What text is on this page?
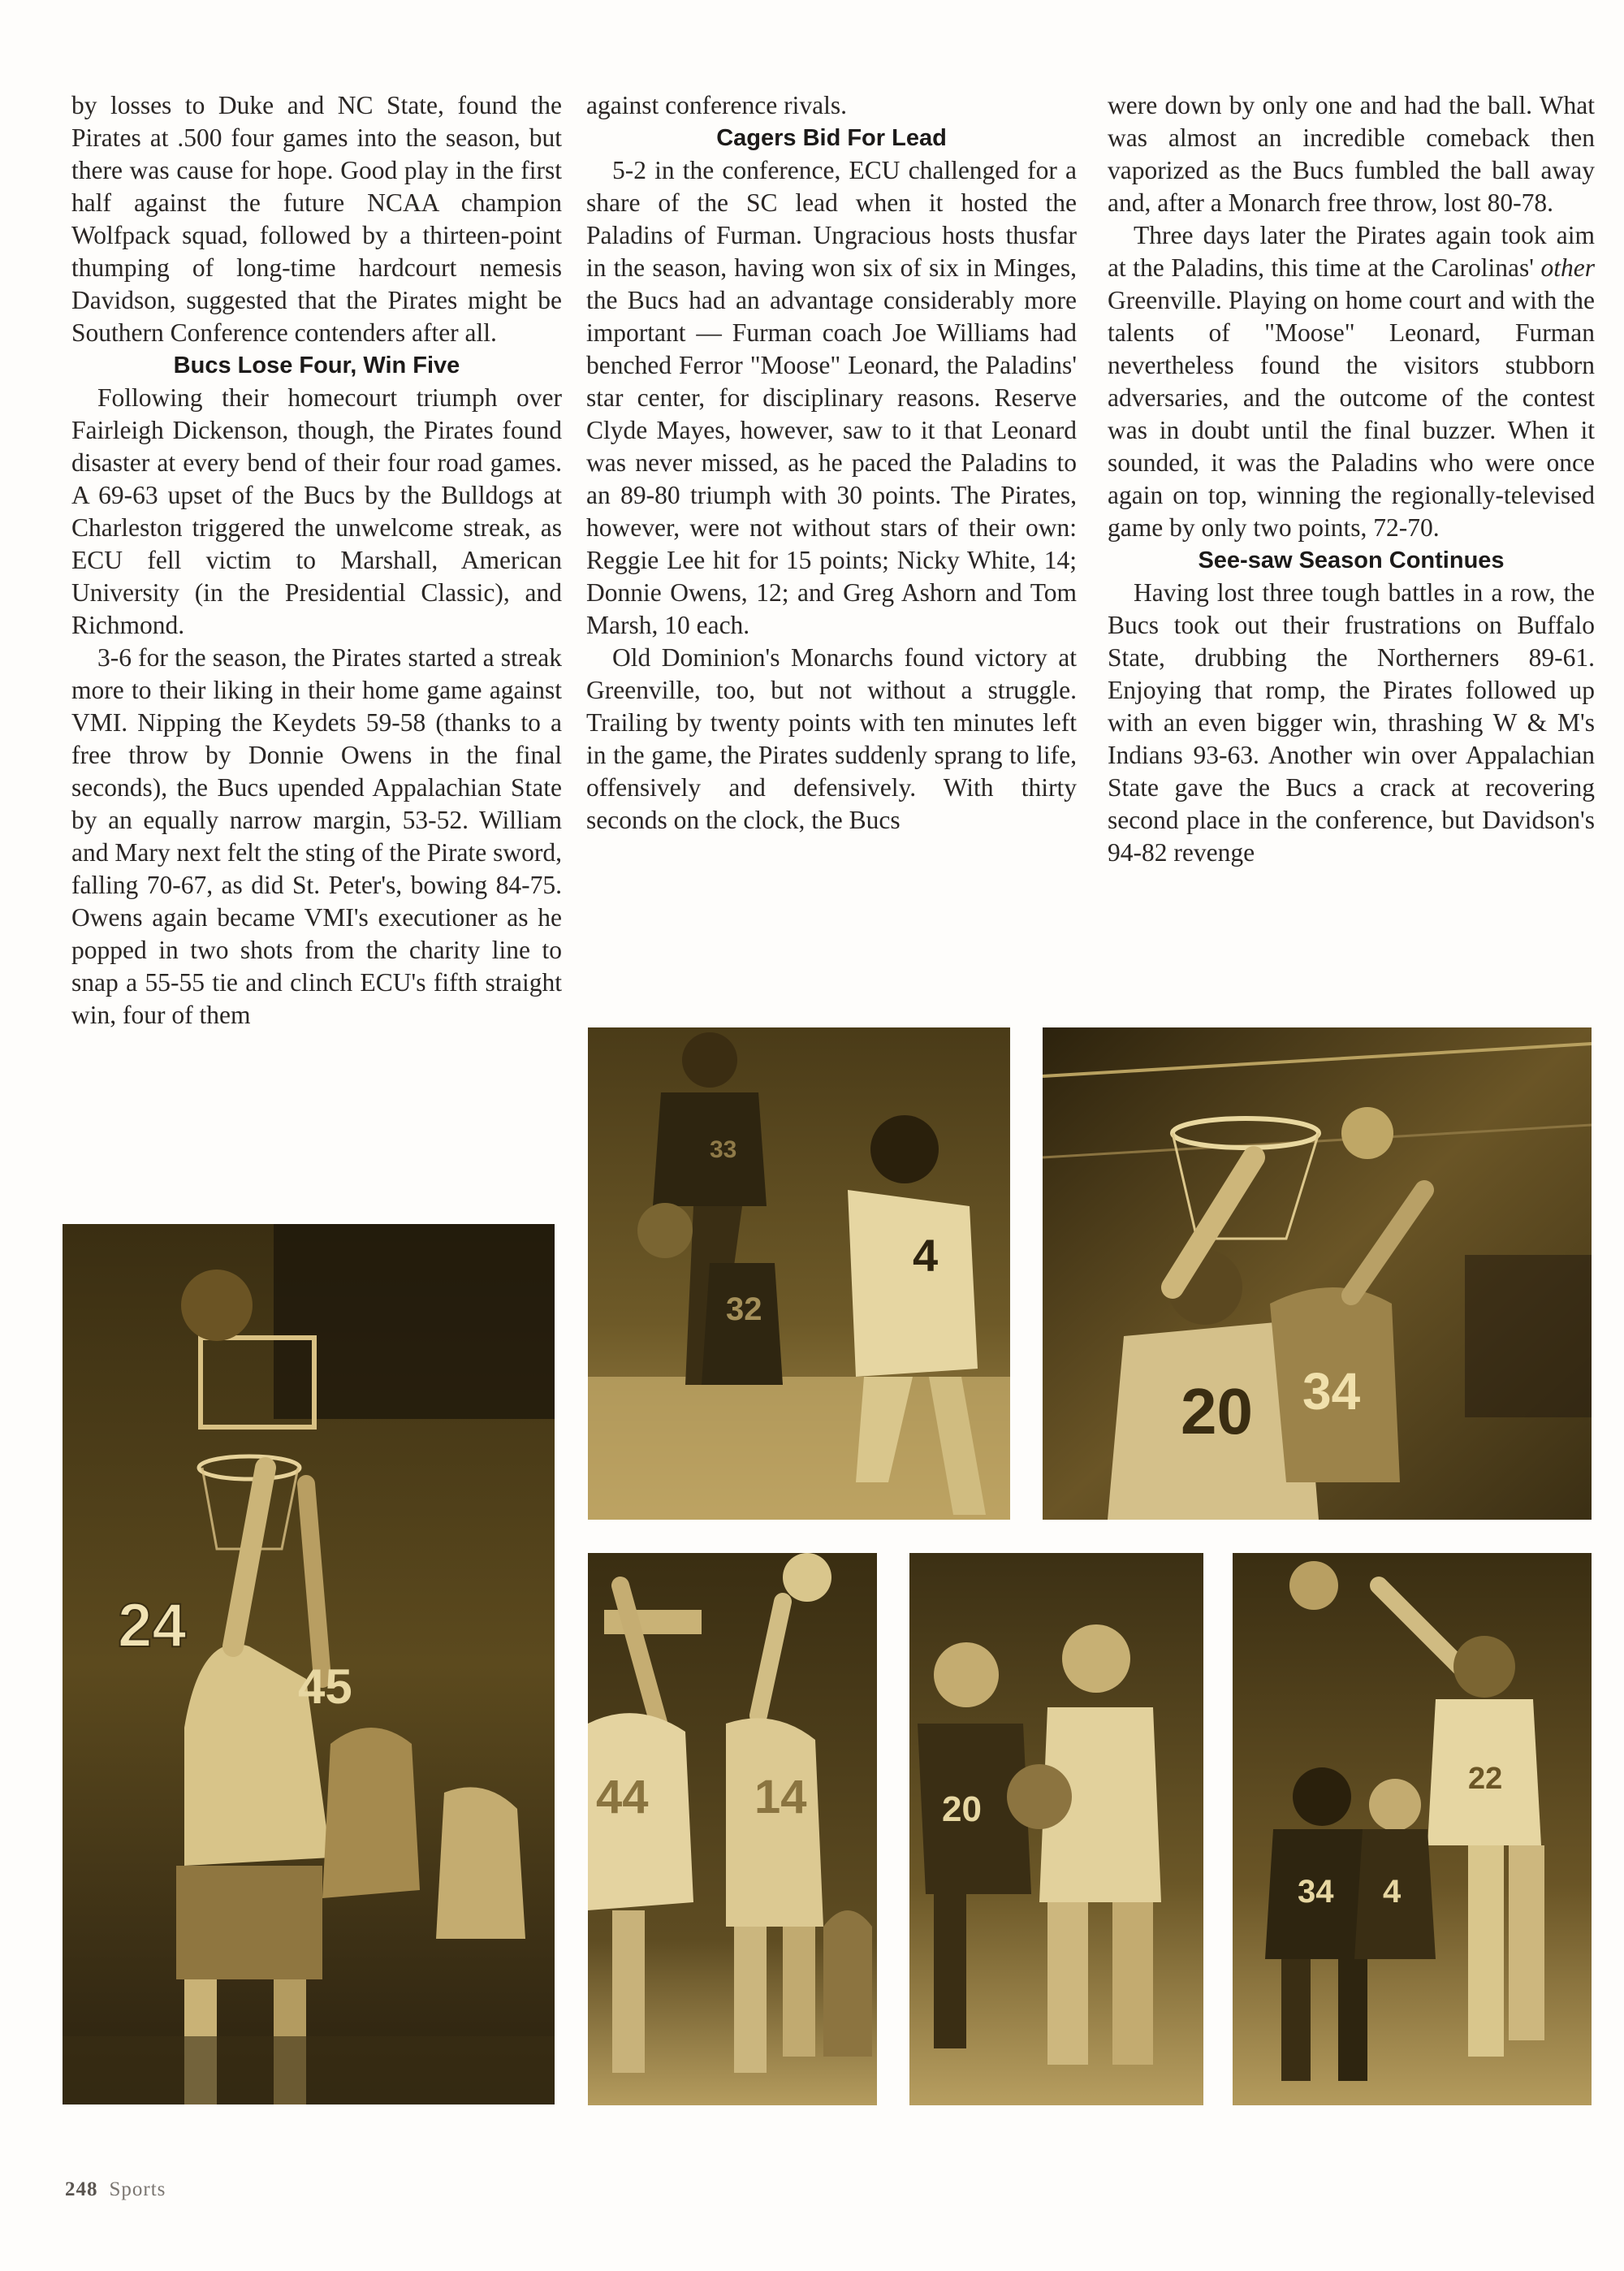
by losses to Duke and NC State, found the Pirates at .500 four games into the season, but there was cause for hope. Good play in the first half against the future NCAA champion Wolfpack squad, followed by a thirteen-point thumping of long-time hardcourt nemesis Davidson, suggested that the Pirates might be Southern Conference contenders after all.

Bucs Lose Four, Win Five

Following their homecourt triumph over Fairleigh Dickenson, though, the Pirates found disaster at every bend of their four road games. A 69-63 upset of the Bucs by the Bulldogs at Charleston triggered the unwelcome streak, as ECU fell victim to Marshall, American University (in the Presidential Classic), and Richmond.

3-6 for the season, the Pirates started a streak more to their liking in their home game against VMI. Nipping the Keydets 59-58 (thanks to a free throw by Donnie Owens in the final seconds), the Bucs upended Appalachian State by an equally narrow margin, 53-52. William and Mary next felt the sting of the Pirate sword, falling 70-67, as did St. Peter's, bowing 84-75. Owens again became VMI's executioner as he popped in two shots from the charity line to snap a 55-55 tie and clinch ECU's fifth straight win, four of them

against conference rivals.

Cagers Bid For Lead

5-2 in the conference, ECU challenged for a share of the SC lead when it hosted the Paladins of Furman. Ungracious hosts thusfar in the season, having won six of six in Minges, the Bucs had an advantage considerably more important — Furman coach Joe Williams had benched Ferror "Moose" Leonard, the Paladins' star center, for disciplinary reasons. Reserve Clyde Mayes, however, saw to it that Leonard was never missed, as he paced the Paladins to an 89-80 triumph with 30 points. The Pirates, however, were not without stars of their own: Reggie Lee hit for 15 points; Nicky White, 14; Donnie Owens, 12; and Greg Ashorn and Tom Marsh, 10 each.

Old Dominion's Monarchs found victory at Greenville, too, but not without a struggle. Trailing by twenty points with ten minutes left in the game, the Pirates suddenly sprang to life, offensively and defensively. With thirty seconds on the clock, the Bucs

were down by only one and had the ball. What was almost an incredible comeback then vaporized as the Bucs fumbled the ball away and, after a Monarch free throw, lost 80-78.

Three days later the Pirates again took aim at the Paladins, this time at the Carolinas' other Greenville. Playing on home court and with the talents of "Moose" Leonard, Furman nevertheless found the visitors stubborn adversaries, and the outcome of the contest was in doubt until the final buzzer. When it sounded, it was the Paladins who were once again on top, winning the regionally-televised game by only two points, 72-70.

See-saw Season Continues

Having lost three tough battles in a row, the Bucs took out their frustrations on Buffalo State, drubbing the Northerners 89-61. Enjoying that romp, the Pirates followed up with an even bigger win, thrashing W & M's Indians 93-63. Another win over Appalachian State gave the Bucs a crack at recovering second place in the conference, but Davidson's 94-82 revenge

24
45
33
32
4
20 34
44 14	20
34 4
22
248 Sports
